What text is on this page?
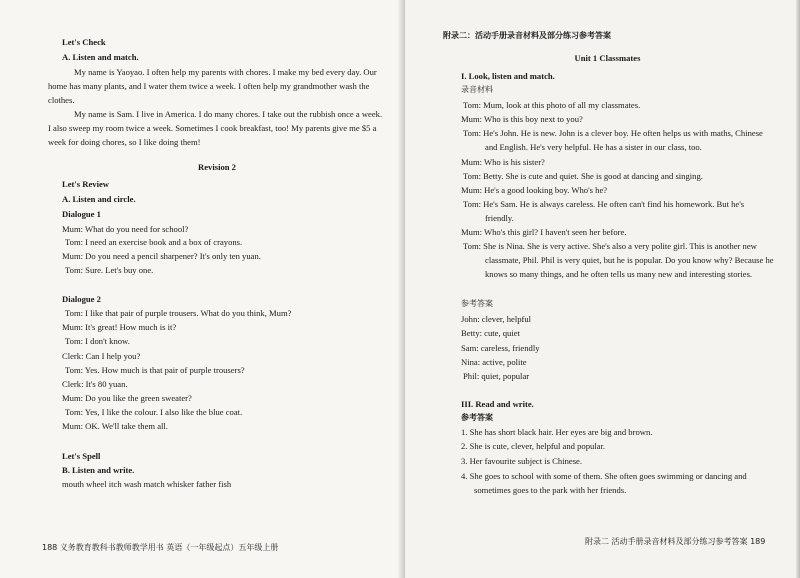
Let's Check
A. Listen and match.
My name is Yaoyao. I often help my parents with chores. I make my bed every day. Our
home has many plants, and I water them twice a week. I often help my grandmother wash the
clothes.
My name is Sam. I live in America. I do many chores. I take out the rubbish once a week.
I also sweep my room twice a week. Sometimes I cook breakfast, too! My parents give me $5 a
week for doing chores, so I like doing them!
Revision 2
Let's Review
A. Listen and circle.
Dialogue 1
Mum: What do you need for school?
Tom: I need an exercise book and a box of crayons.
Mum: Do you need a pencil sharpener? It's only ten yuan.
Tom: Sure. Let's buy one.
Dialogue 2
Tom: I like that pair of purple trousers. What do you think, Mum?
Mum: It's great! How much is it?
Tom: I don't know.
Clerk: Can I help you?
Tom: Yes. How much is that pair of purple trousers?
Clerk: It's 80 yuan.
Mum: Do you like the green sweater?
Tom: Yes, I like the colour. I also like the blue coat.
Mum: OK. We'll take them all.
Let's Spell
B. Listen and write.
mouth wheel itch wash match whisker father fish
188 义务教育教科书教师教学用书 英语（一年级起点）五年级上册
附录二：活动手册录音材料及部分练习参考答案
Unit 1 Classmates
I. Look, listen and match.
录音材料
Tom: Mum, look at this photo of all my classmates.
Mum: Who is this boy next to you?
Tom: He's John. He is new. John is a clever boy. He often helps us with maths, Chinese
and English. He's very helpful. He has a sister in our class, too.
Mum: Who is his sister?
Tom: Betty. She is cute and quiet. She is good at dancing and singing.
Mum: He's a good looking boy. Who's he?
Tom: He's Sam. He is always careless. He often can't find his homework. But he's
friendly.
Mum: Who's this girl? I haven't seen her before.
Tom: She is Nina. She is very active. She's also a very polite girl. This is another new
classmate, Phil. Phil is very quiet, but he is popular. Do you know why? Because he
knows so many things, and he often tells us many new and interesting stories.
参考答案
John: clever, helpful
Betty: cute, quiet
Sam: careless, friendly
Nina: active, polite
Phil: quiet, popular
III. Read and write.
参考答案
1. She has short black hair. Her eyes are big and brown.
2. She is cute, clever, helpful and popular.
3. Her favourite subject is Chinese.
4. She goes to school with some of them. She often goes swimming or dancing and
sometimes goes to the park with her friends.
附录二 活动手册录音材料及部分练习参考答案 189
